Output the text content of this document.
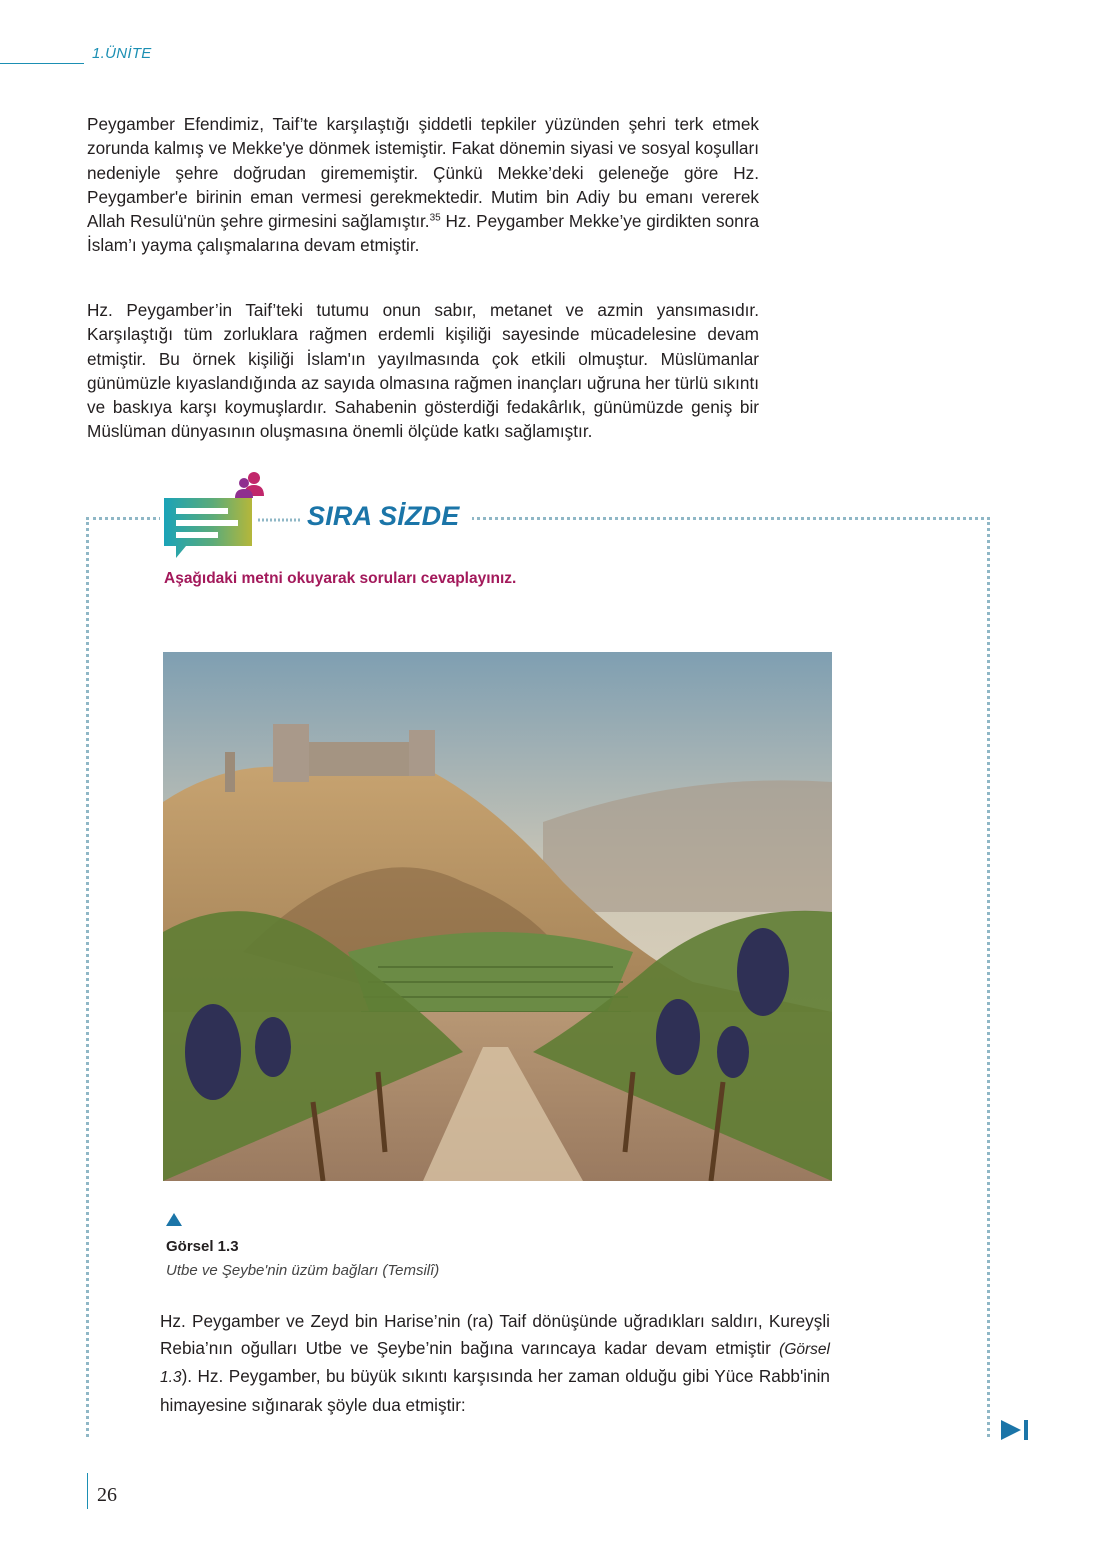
1.ÜNİTE

Peygamber Efendimiz, Taif’te karşılaştığı şiddetli tepkiler yüzünden şehri terk etmek zorunda kalmış ve Mekke'ye dönmek istemiştir. Fakat dönemin siyasi ve sosyal koşulları nedeniyle şehre doğrudan girememiştir. Çünkü Mekke’deki geleneğe göre Hz. Peygamber'e birinin eman vermesi gerekmektedir. Mutim bin Adiy bu emanı vererek Allah Resulü'nün şehre girmesini sağlamıştır.$^{35}$ Hz. Peygamber Mekke’ye girdikten sonra İslam’ı yayma çalışmalarına devam etmiştir.

Hz. Peygamber’in Taif’teki tutumu onun sabır, metanet ve azmin yansımasıdır. Karşılaştığı tüm zorluklara rağmen erdemli kişiliği sayesinde mücadelesine devam etmiştir. Bu örnek kişiliği İslam'ın yayılmasında çok etkili olmuştur. Müslümanlar günümüzle kıyaslandığında az sayıda olmasına rağmen inançları uğruna her türlü sıkıntı ve baskıya karşı koymuşlardır. Sahabenin gösterdiği fedakârlık, günümüzde geniş bir Müslüman dünyasının oluşmasına önemli ölçüde katkı sağlamıştır.

SIRA SİZDE
Aşağıdaki metni okuyarak soruları cevaplayınız.
Görsel 1.3
Utbe ve Şeybe'nin üzüm bağları (Temsilî)

Hz. Peygamber ve Zeyd bin Harise’nin (ra) Taif dönüşünde uğradıkları saldırı, Kureyşli Rebia’nın oğulları Utbe ve Şeybe’nin bağına varıncaya kadar devam etmiştir (Görsel 1.3). Hz. Peygamber, bu büyük sıkıntı karşısında her zaman olduğu gibi Yüce Rabb'inin himayesine sığınarak şöyle dua etmiştir:

26
